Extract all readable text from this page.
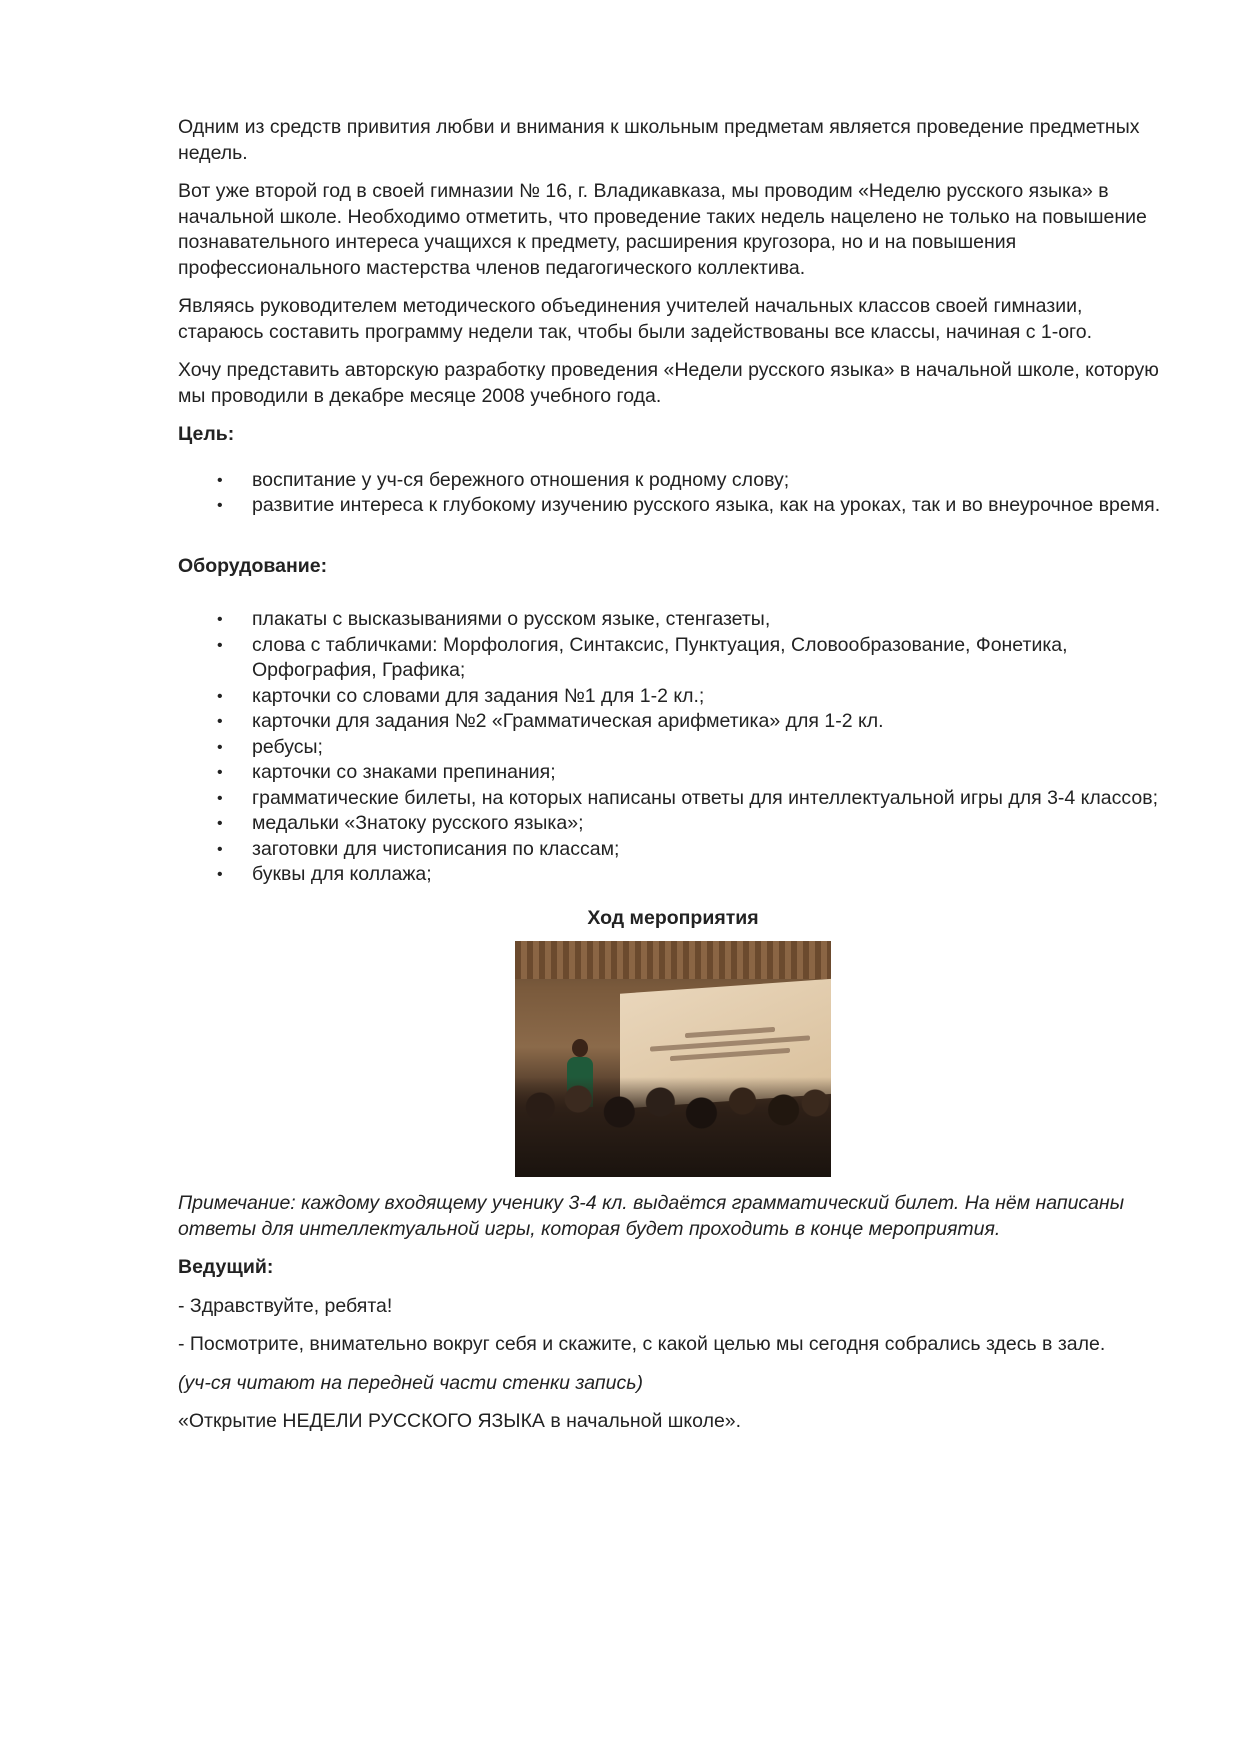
Одним из средств привития любви и внимания к школьным предметам является проведение предметных недель.

Вот уже второй год в своей гимназии № 16, г. Владикавказа, мы проводим «Неделю русского языка» в начальной школе. Необходимо отметить, что проведение таких недель нацелено не только на повышение познавательного интереса учащихся к предмету, расширения кругозора, но и на повышения профессионального мастерства членов педагогического коллектива.

Являясь руководителем методического объединения учителей начальных классов своей гимназии, стараюсь составить программу недели так, чтобы были задействованы все классы, начиная с 1-ого.

Хочу представить авторскую разработку проведения «Недели русского языка» в начальной школе, которую мы проводили в декабре месяце 2008 учебного года.

Цель:

• воспитание у уч-ся бережного отношения к родному слову;
• развитие интереса к глубокому изучению русского языка, как на уроках, так и во внеурочное время.

Оборудование:

• плакаты с высказываниями о русском языке, стенгазеты,
• слова с табличками: Морфология, Синтаксис, Пунктуация, Словообразование, Фонетика, Орфография, Графика;
• карточки со словами для задания №1 для 1-2 кл.;
• карточки для задания №2 «Грамматическая арифметика» для 1-2 кл.
• ребусы;
• карточки со знаками препинания;
• грамматические билеты, на которых написаны ответы для интеллектуальной игры для 3-4 классов;
• медальки «Знатоку русского языка»;
• заготовки для чистописания по классам;
• буквы для коллажа;

Ход мероприятия

Примечание: каждому входящему ученику 3-4 кл. выдаётся грамматический билет. На нём написаны ответы для интеллектуальной игры, которая будет проходить в конце мероприятия.

Ведущий:

- Здравствуйте, ребята!

- Посмотрите, внимательно вокруг себя и скажите, с какой целью мы сегодня собрались здесь в зале.

(уч-ся читают на передней части стенки запись)

«Открытие НЕДЕЛИ РУССКОГО ЯЗЫКА в начальной школе».
